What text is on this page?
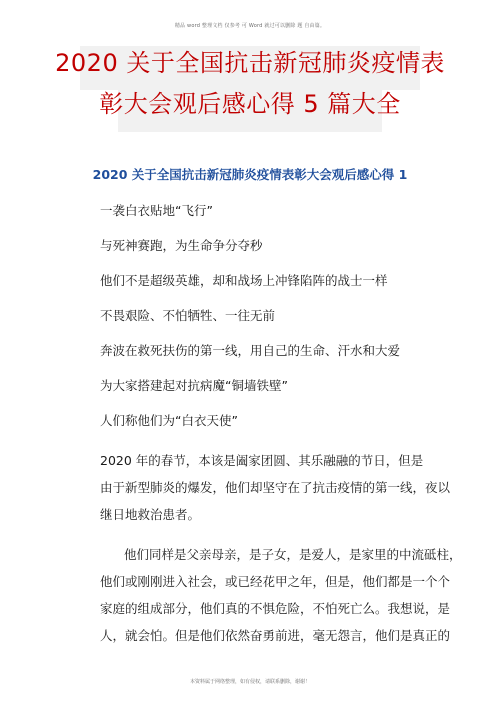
精品 word 整理文档 仅参考 可 Word 就过可以删除 题 自由篇。
2020 关于全国抗击新冠肺炎疫情表
彰大会观后感心得 5 篇大全
2020 关于全国抗击新冠肺炎疫情表彰大会观后感心得 1
一袭白衣贴地“飞行”
与死神赛跑，为生命争分夺秒
他们不是超级英雄，却和战场上冲锋陷阵的战士一样
不畏艰险、不怕牺牲、一往无前
奔波在救死扶伤的第一线，用自己的生命、汗水和大爱
为大家搭建起对抗病魔“铜墙铁壁”
人们称他们为“白衣天使”
2020 年的春节，本该是阖家团圆、其乐融融的节日，但是
由于新型肺炎的爆发，他们却坚守在了抗击疫情的第一线，夜以
继日地救治患者。
他们同样是父亲母亲，是子女，是爱人，是家里的中流砥柱，
他们或刚刚进入社会，或已经花甲之年，但是，他们都是一个个
家庭的组成部分，他们真的不惧危险，不怕死亡么。我想说，是
人，就会怕。但是他们依然奋勇前进，毫无怨言，他们是真正的
本资料属于网络整理，如有侵权，请联系删除，谢谢！
